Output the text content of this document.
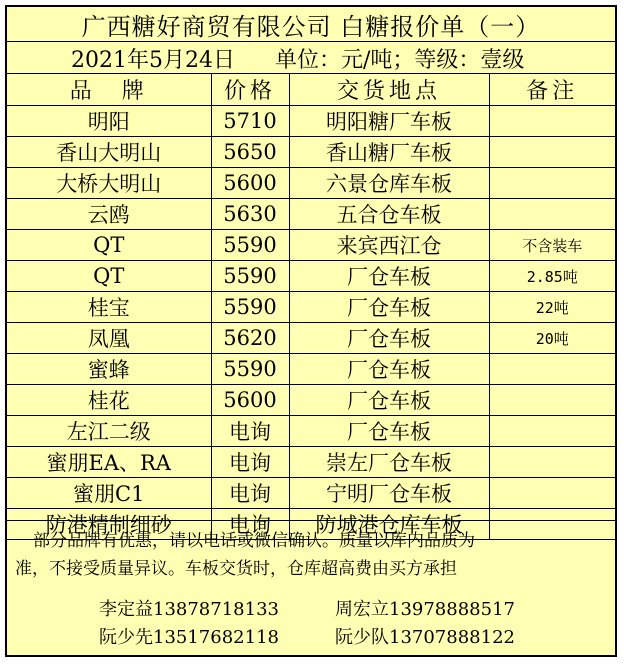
广西糖好商贸有限公司 白糖报价单（一）
2021年5月24日 单位：元/吨；等级：壹级
品　牌	价格	交货地点	备注
明阳	5710	明阳糖厂车板	
香山大明山	5650	香山糖厂车板	
大桥大明山	5600	六景仓库车板	
云鸥	5630	五合仓车板	
QT	5590	来宾西江仓	不含装车
QT	5590	厂仓车板	2.85吨
桂宝	5590	厂仓车板	22吨
凤凰	5620	厂仓车板	20吨
蜜蜂	5590	厂仓车板	
桂花	5600	厂仓车板	
左江二级	电询	厂仓车板	
蜜朋EA、RA	电询	崇左厂仓车板	
蜜朋C1	电询	宁明厂仓车板	
防港精制细砂	电询	防城港仓库车板	
部分品牌有优惠，请以电话或微信确认。质量以库内品质为
准，不接受质量异议。车板交货时，仓库超高费由买方承担
李定益13878718133	周宏立13978888517
阮少先13517682118	阮少队13707888122
